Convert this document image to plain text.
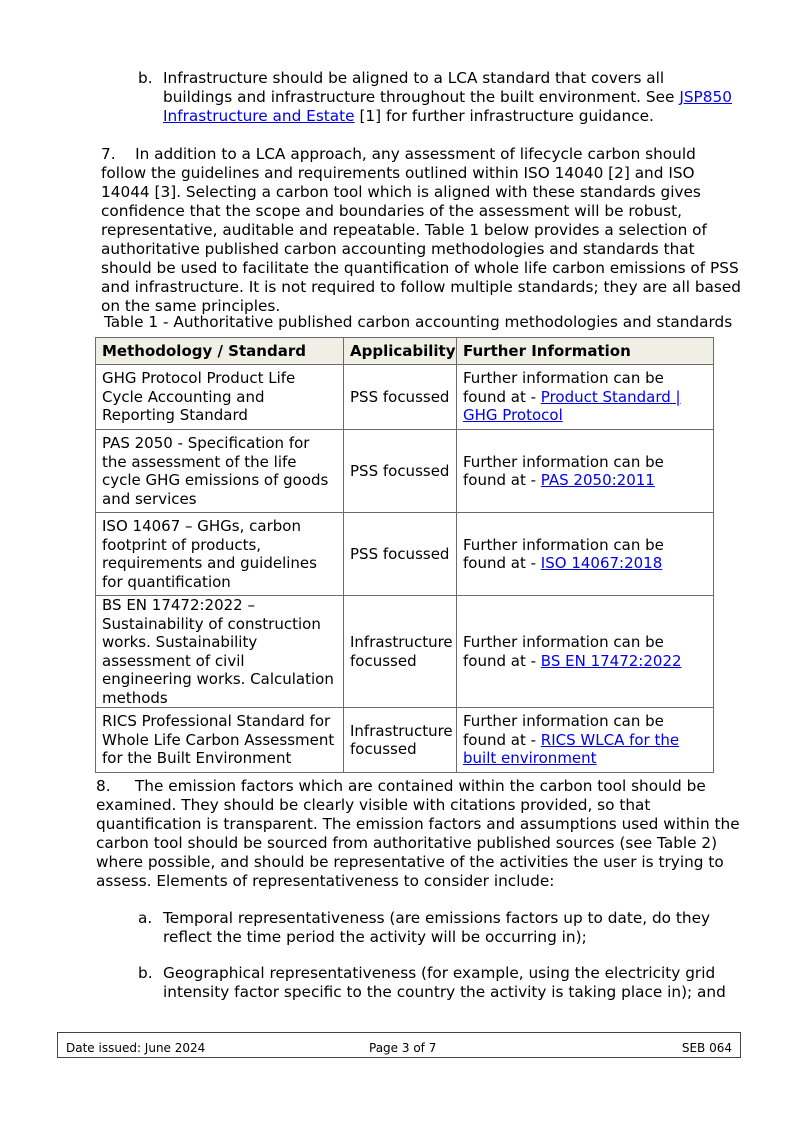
b. Infrastructure should be aligned to a LCA standard that covers all buildings and infrastructure throughout the built environment. See JSP850 Infrastructure and Estate [1] for further infrastructure guidance.
7. In addition to a LCA approach, any assessment of lifecycle carbon should follow the guidelines and requirements outlined within ISO 14040 [2] and ISO 14044 [3]. Selecting a carbon tool which is aligned with these standards gives confidence that the scope and boundaries of the assessment will be robust, representative, auditable and repeatable. Table 1 below provides a selection of authoritative published carbon accounting methodologies and standards that should be used to facilitate the quantification of whole life carbon emissions of PSS and infrastructure. It is not required to follow multiple standards; they are all based on the same principles.
Table 1 - Authoritative published carbon accounting methodologies and standards
Methodology / Standard	Applicability	Further Information
GHG Protocol Product Life Cycle Accounting and Reporting Standard	PSS focussed	Further information can be found at - Product Standard | GHG Protocol
PAS 2050 - Specification for the assessment of the life cycle GHG emissions of goods and services	PSS focussed	Further information can be found at - PAS 2050:2011
ISO 14067 – GHGs, carbon footprint of products, requirements and guidelines for quantification	PSS focussed	Further information can be found at - ISO 14067:2018
BS EN 17472:2022 – Sustainability of construction works. Sustainability assessment of civil engineering works. Calculation methods	Infrastructure focussed	Further information can be found at - BS EN 17472:2022
RICS Professional Standard for Whole Life Carbon Assessment for the Built Environment	Infrastructure focussed	Further information can be found at - RICS WLCA for the built environment
8. The emission factors which are contained within the carbon tool should be examined. They should be clearly visible with citations provided, so that quantification is transparent. The emission factors and assumptions used within the carbon tool should be sourced from authoritative published sources (see Table 2) where possible, and should be representative of the activities the user is trying to assess. Elements of representativeness to consider include:
a. Temporal representativeness (are emissions factors up to date, do they reflect the time period the activity will be occurring in);
b. Geographical representativeness (for example, using the electricity grid intensity factor specific to the country the activity is taking place in); and
Date issued: June 2024	Page 3 of 7	SEB 064
